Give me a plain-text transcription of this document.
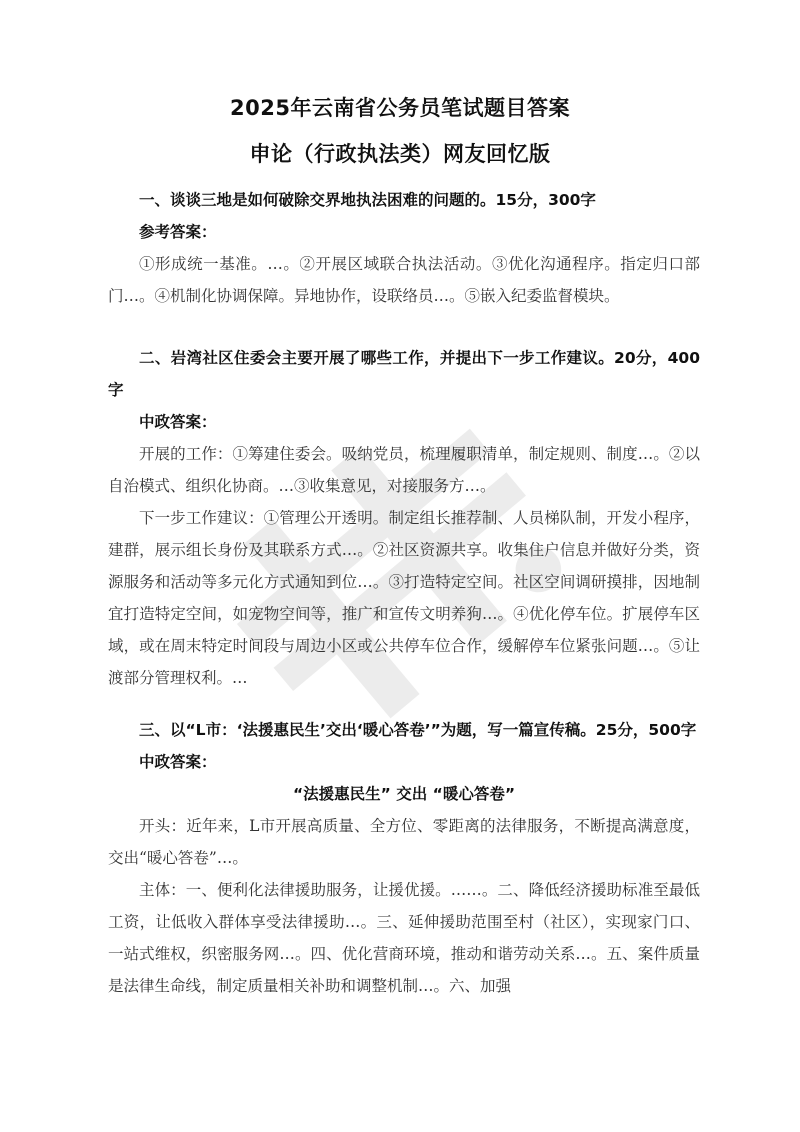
2025年云南省公务员笔试题目答案
申论（行政执法类）网友回忆版

一、谈谈三地是如何破除交界地执法困难的问题的。15分，300字

参考答案：

①形成统一基准。…。②开展区域联合执法活动。③优化沟通程序。指定归口部门…。④机制化协调保障。异地协作，设联络员…。⑤嵌入纪委监督模块。

二、岩湾社区住委会主要开展了哪些工作，并提出下一步工作建议。20分，400字

中政答案：

开展的工作：①筹建住委会。吸纳党员，梳理履职清单，制定规则、制度…。②以自治模式、组织化协商。…③收集意见，对接服务方…。

下一步工作建议：①管理公开透明。制定组长推荐制、人员梯队制，开发小程序，建群，展示组长身份及其联系方式…。②社区资源共享。收集住户信息并做好分类，资源服务和活动等多元化方式通知到位…。③打造特定空间。社区空间调研摸排，因地制宜打造特定空间，如宠物空间等，推广和宣传文明养狗…。④优化停车位。扩展停车区域，或在周末特定时间段与周边小区或公共停车位合作，缓解停车位紧张问题…。⑤让渡部分管理权利。…

三、以“L市：‘法援惠民生’交出‘暖心答卷’”为题，写一篇宣传稿。25分，500字

中政答案：

“法援惠民生” 交出 “暖心答卷”

开头：近年来，L市开展高质量、全方位、零距离的法律服务，不断提高满意度，交出“暖心答卷”…。

主体：一、便利化法律援助服务，让援优援。……。二、降低经济援助标准至最低工资，让低收入群体享受法律援助…。三、延伸援助范围至村（社区），实现家门口、一站式维权，织密服务网…。四、优化营商环境，推动和谐劳动关系…。五、案件质量是法律生命线，制定质量相关补助和调整机制…。六、加强
